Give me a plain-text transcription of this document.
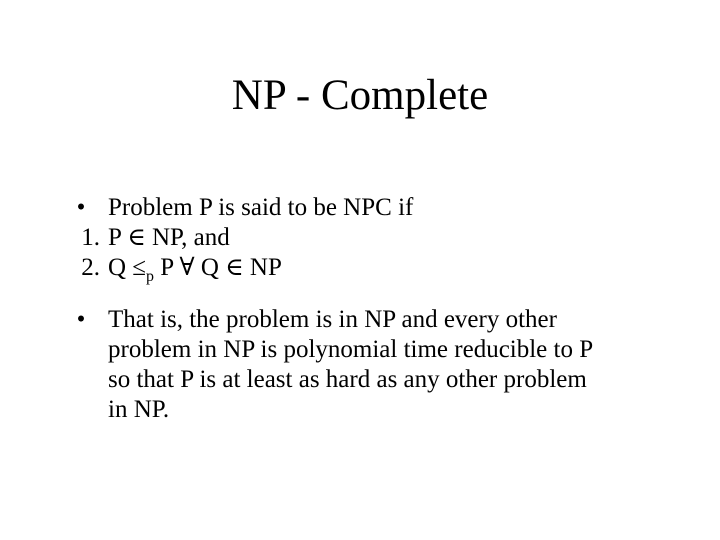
NP - Complete
• Problem P is said to be NPC if
1. P ∈ NP, and
2. $Q \le_p$ P ∀ Q ∈ NP
• That is, the problem is in NP and every other
problem in NP is polynomial time reducible to P
so that P is at least as hard as any other problem
in NP.
